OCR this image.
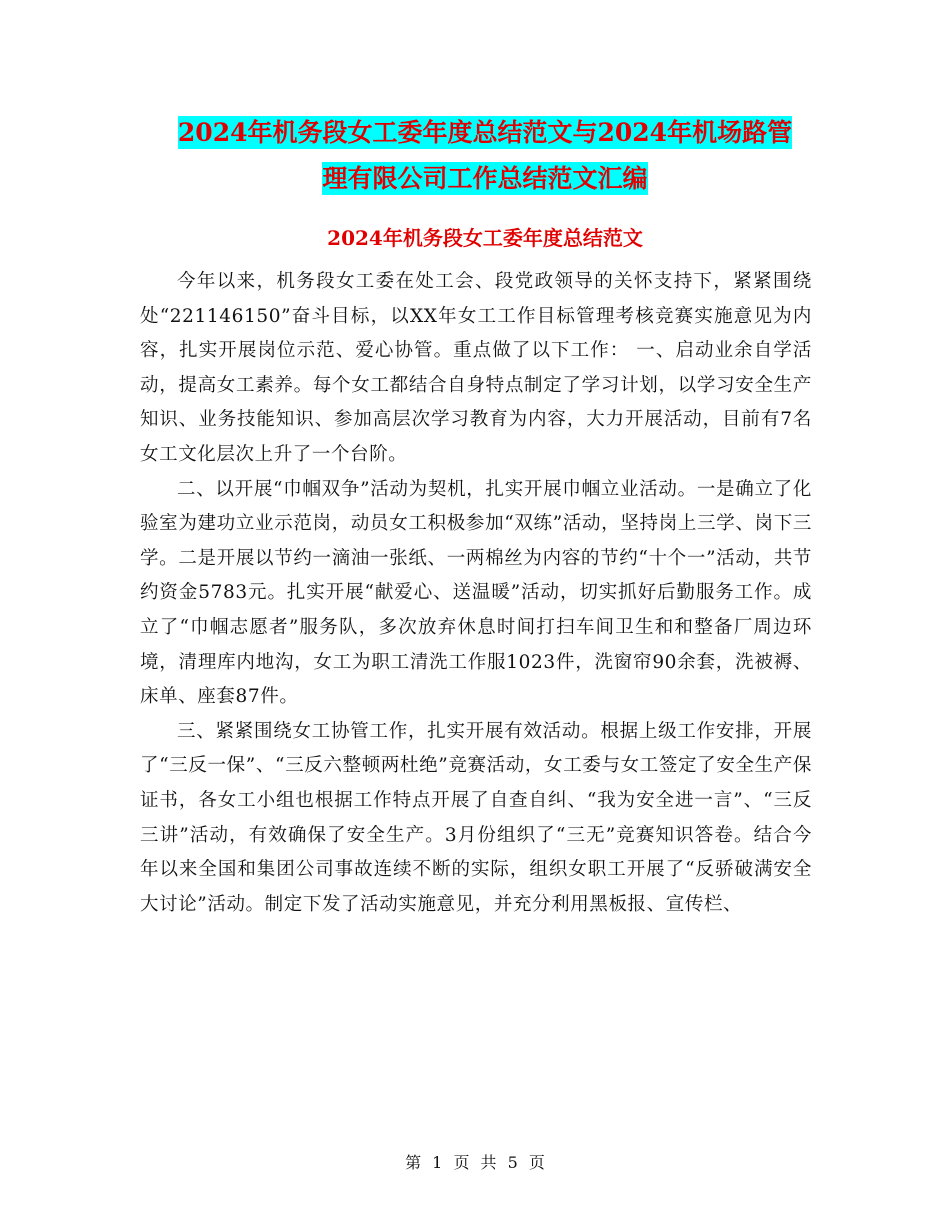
2024年机务段女工委年度总结范文与2024年机场路管
理有限公司工作总结范文汇编
2024年机务段女工委年度总结范文

今年以来，机务段女工委在处工会、段党政领导的关怀支持下，紧紧围绕处“221146150”奋斗目标，以XX年女工工作目标管理考核竞赛实施意见为内容，扎实开展岗位示范、爱心协管。重点做了以下工作： 一、启动业余自学活动，提高女工素养。每个女工都结合自身特点制定了学习计划，以学习安全生产知识、业务技能知识、参加高层次学习教育为内容，大力开展活动，目前有7名女工文化层次上升了一个台阶。

二、以开展“巾帼双争”活动为契机，扎实开展巾帼立业活动。一是确立了化验室为建功立业示范岗，动员女工积极参加“双练”活动，坚持岗上三学、岗下三学。二是开展以节约一滴油一张纸、一两棉丝为内容的节约“十个一”活动，共节约资金5783元。扎实开展“献爱心、送温暖”活动，切实抓好后勤服务工作。成立了“巾帼志愿者”服务队，多次放弃休息时间打扫车间卫生和和整备厂周边环境，清理库内地沟，女工为职工清洗工作服1023件，洗窗帘90余套，洗被褥、床单、座套87件。

三、紧紧围绕女工协管工作，扎实开展有效活动。根据上级工作安排，开展了“三反一保”、“三反六整顿两杜绝”竞赛活动，女工委与女工签定了安全生产保证书，各女工小组也根据工作特点开展了自查自纠、“我为安全进一言”、“三反三讲”活动，有效确保了安全生产。3月份组织了“三无”竞赛知识答卷。结合今年以来全国和集团公司事故连续不断的实际，组织女职工开展了“反骄破满安全大讨论”活动。制定下发了活动实施意见，并充分利用黑板报、宣传栏、

第 1 页 共 5 页
